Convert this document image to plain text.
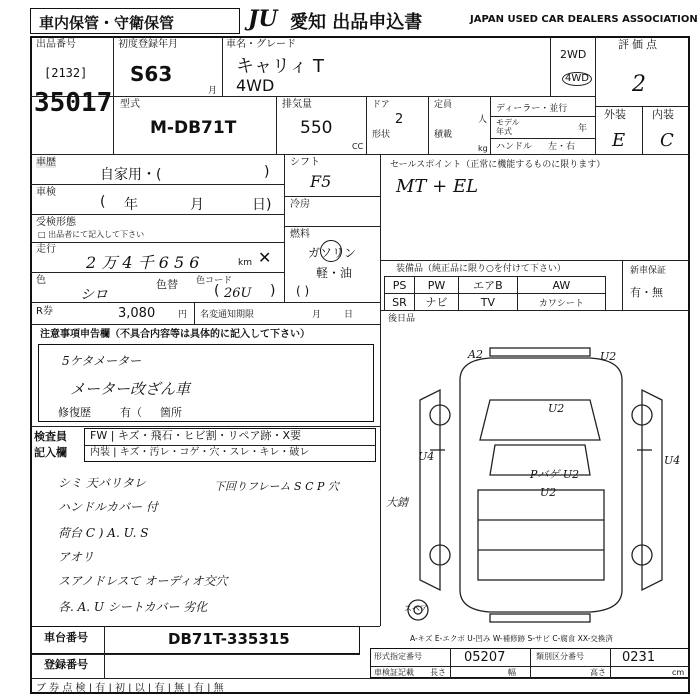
車内保管・守衛保管	JU 愛知 出品申込書	JAPAN USED CAR DEALERS ASSOCIATION
出品番号
[2132]
35017
初度登録年月
S63
月
車名・グレード
キャリィ T
4WD
2WD
4WD
評価点
2
外装 内装
E C
型式
M-DB71T
排気量
550
CC
ドア
2
形状
定員
人
積載
kg
ディーラー・並行
モデル
年式	年
ハンドル 左・右
車歴
自家用・(	)
車検
( 年	月	日)
受検形態
□ 出品者にて記入して下さい
走行
2 万 4 千 6 5 6	km ✕
色
シロ
色替 色コード
( 26U )
シフト
F5
冷房
燃料
ガソリン
軽・油
( )
セールスポイント（正常に機能するものに限ります）
MT + EL
装備品（純正品に限り○を付けて下さい）
PS	PW	エアB	AW
SR	ナビ	TV	カワシート
新車保証
有・無
後日品
R券	3,080	円 名変通知期限	月	日
注意事項申告欄（不具合内容等は具体的に記入して下さい）
5ケタメーター
メーター改ざん車
修復歴	有（ 箇所
検査員
記入欄
FW | キズ・飛石・ヒビ割・リペア跡・X要
内装 | キズ・汚レ・コゲ・穴・スレ・キレ・破レ
シミ 天バリタレ
ハンドルカバー 付
荷台 C ) A. U. S
アオリ
スアノドレスて オーディオ交穴
各. A. U シートカバー 劣化
下回りフレーム S C P 穴
大錆
A2	U2
U2
U4	U4
Pバゲ U2
U2
スペア
A-キズ E-エクボ U-凹み W-補修跡 S-サビ C-腐食 XX-交換済
車台番号	DB71T-335315
登録番号
形式指定番号	05207	類別区分番号	0231
車検証記載 長さ	幅	高さ	cm
ブ 券 点 検 | 有 | 初 | 以 | 有 | 無 | 有 | 無
